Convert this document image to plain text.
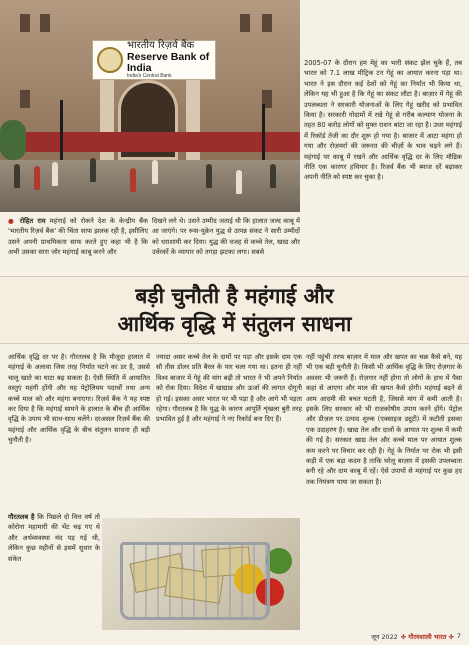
भारतीय रिज़र्व बैंक
Reserve Bank of India
India's Central Bank

2005-07 के दौरान हम मेहूं का भारी संकट झेल चुके हैं, तब भारत को 7.1 लाख मीट्रिक टन गेहूं का आयात करना पड़ा था। भारत ने इस दौरान कई देशों को गेहूं का निर्यात भी किया था, लेकिन यह भी हुआ है कि गेहूं का संकट लौटा है। बाज़ार में गेहूं की उपलब्धता ने सरकारी योजनाओं के लिए गेहूं खरीद को प्रभावित किया है। सरकारी गोदामों में रखे गेहूं से गरीब कल्याण योजना के तहत 80 करोड़ लोगों को मुफ्त राशन बांटा जा रहा है। उधर महंगाई में रिकॉर्ड तेजी का दौर शुरू हो गया है। बाजार में आटा महंगा हो गया और रोज़मर्रा की जरूरत की चीज़ों के भाव चढ़ने लगे हैं। महंगाई पर काबू में रखने और आर्थिक वृद्धि दर के लिए मौद्रिक नीति एक कारगर हथियार है। रिजर्व बैंक भी ब्याज दरें बढ़ाकर अपनी नीति को स्पष्ट कर चुका है।

● रोहित राय महंगाई को रोकने देश के केन्द्रीय बैंक 'भारतीय रिज़र्व बैंक' की चिंता साफ झलक रही है, इसीलिए उसने अपनी प्राथमिकता साफ करते हुए कहा भी है कि अभी उसका सारा जोर महंगाई काबू करने और

दिखने लगे थे। उसने उम्मीद जताई थी कि हालात जल्द काबू में आ जाएंगे। पर रूस-यूक्रेन युद्ध से उत्पन्न संकट ने सारी उम्मीदों को धराशायी कर दिया। युद्ध की वजह से कच्चे तेल, खाद्य और उर्वरकों के व्यापार को तगड़ा झटका लगा। सबसे

बड़ी चुनौती है महंगाई और
आर्थिक वृद्धि में संतुलन साधना

आर्थिक वृद्धि दर पर है। गौरतलब है कि मौजूदा हालात में महंगाई के अलावा जिस तरह निर्यात घटने का डर है, उससे चालू खाते का घाटा बढ़ सकता है। ऐसी स्थिति में आयातित वस्तुएं महंगी होंगी और यह पेट्रोलियम पदार्थों तथा अन्य कच्चे माल को और महंगा बनाएगा। रिज़र्व बैंक ने यह स्पष्ट कर दिया है कि महंगाई सामने के हालात के बीच ही आर्थिक वृद्धि के उपाय भी साथ-साथ चलेंगे। दरअसल रिज़र्व बैंक की महंगाई और आर्थिक वृद्धि के बीच संतुलन साधना ही बड़ी चुनौती है।

गौरतलब है कि पिछले दो वित्त वर्ष तो कोरोना महामारी की भेंट चढ़ गए थे और अर्थव्यवस्था मंद पड़ गई थी, लेकिन कुछ महीनों से इसमें सुधार के संकेत

ज्यादा असर कच्चे तेल के दामों पर पड़ा और इसके दाम एक सौ तीस डॉलर प्रति बैरल के पार चला गया था। इतना ही नहीं विश्व बाजार में गेहूं की मांग बढ़ी तो भारत ने भी अपने निर्यात को रोक दिया। विदेश में खाद्यान्न और ऊर्जा की लागत दोगुनी हो गई। इसका असर भारत पर भी पड़ा है और आगे भी पड़ता रहेगा। गौरतलब है कि युद्ध के कारण आपूर्ति शृंखला बुरी तरह प्रभावित हुई है और महंगाई ने नए रिकॉर्ड बना दिए हैं।

नहीं पहुंची तरफ बाज़ार में माल और खपत का चक्र कैसे बने, यह भी एक बड़ी चुनौती है। किसी भी आर्थिक वृद्धि के लिए रोज़गार के अवसर भी जरूरी हैं। रोज़गार नहीं होगा तो लोगों के हाथ में पैसा कहां से आएगा और माल की खपत कैसे होगी। महंगाई बढ़ने से आम आदमी की बचत घटती है, जिससे मांग में कमी आती है। इसके लिए सरकार को भी राजकोषीय उपाय करने होंगे। पेट्रोल और डीज़ल पर उत्पाद शुल्क (एक्साइज ड्यूटी) में कटौती इसका एक उदाहरण है। खाद्य तेल और दालों के आयात पर शुल्क में कमी की गई है। सरकार खाद्य तेल और कच्चे माल पर आयात शुल्क कम करने पर विचार कर रही है। गेहूं के निर्यात पर रोक भी इसी कड़ी में एक बड़ा कदम है ताकि घरेलू बाज़ार में इसकी उपलब्धता बनी रहे और दाम काबू में रहें। ऐसे उपायों से महंगाई पर कुछ हद तक नियंत्रण पाया जा सकता है।

जून 2022 ✤ गौरवशाली भारत ✤ 7
